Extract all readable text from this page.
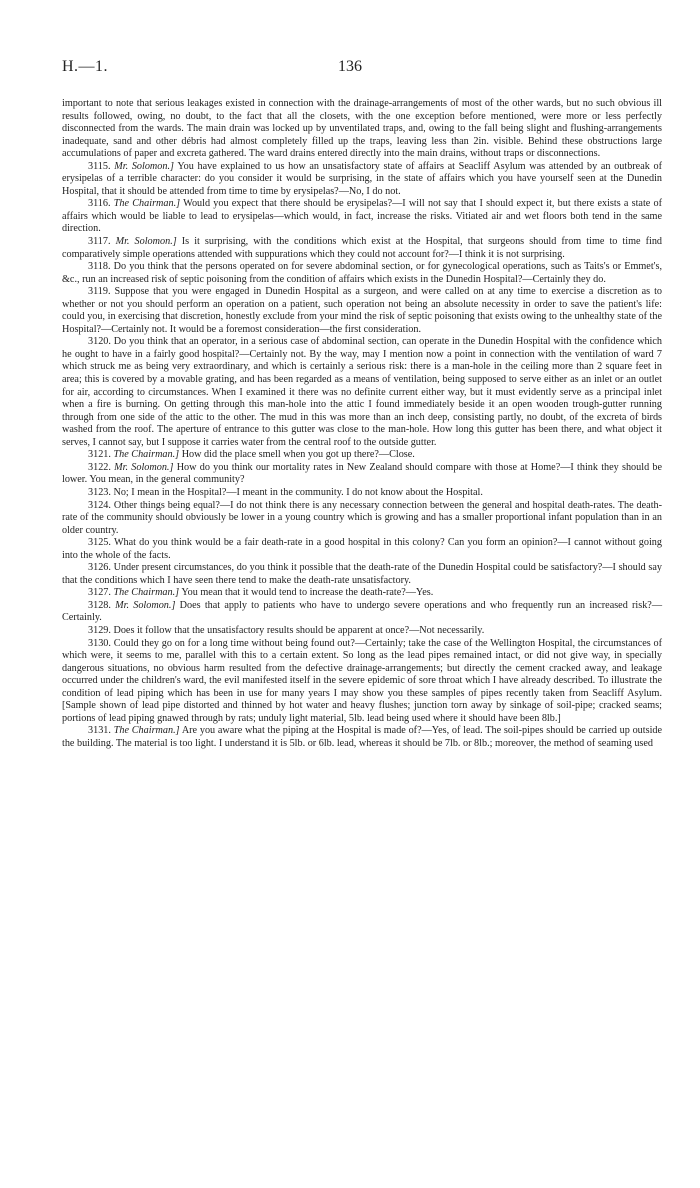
H.—1.	136

important to note that serious leakages existed in connection with the drainage-arrangements of most of the other wards, but no such obvious ill results followed, owing, no doubt, to the fact that all the closets, with the one exception before mentioned, were more or less perfectly disconnected from the wards. The main drain was locked up by unventilated traps, and, owing to the fall being slight and flushing-arrangements inadequate, sand and other débris had almost completely filled up the traps, leaving less than 2in. visible. Behind these obstructions large accumulations of paper and excreta gathered. The ward drains entered directly into the main drains, without traps or disconnections.

3115. Mr. Solomon.] You have explained to us how an unsatisfactory state of affairs at Seacliff Asylum was attended by an outbreak of erysipelas of a terrible character: do you consider it would be surprising, in the state of affairs which you have yourself seen at the Dunedin Hospital, that it should be attended from time to time by erysipelas?—No, I do not.

3116. The Chairman.] Would you expect that there should be erysipelas?—I will not say that I should expect it, but there exists a state of affairs which would be liable to lead to erysipelas—which would, in fact, increase the risks. Vitiated air and wet floors both tend in the same direction.

3117. Mr. Solomon.] Is it surprising, with the conditions which exist at the Hospital, that surgeons should from time to time find comparatively simple operations attended with suppurations which they could not account for?—I think it is not surprising.

3118. Do you think that the persons operated on for severe abdominal section, or for gynecological operations, such as Taits's or Emmet's, &c., run an increased risk of septic poisoning from the condition of affairs which exists in the Dunedin Hospital?—Certainly they do.

3119. Suppose that you were engaged in Dunedin Hospital as a surgeon, and were called on at any time to exercise a discretion as to whether or not you should perform an operation on a patient, such operation not being an absolute necessity in order to save the patient's life: could you, in exercising that discretion, honestly exclude from your mind the risk of septic poisoning that exists owing to the unhealthy state of the Hospital?—Certainly not. It would be a foremost consideration—the first consideration.

3120. Do you think that an operator, in a serious case of abdominal section, can operate in the Dunedin Hospital with the confidence which he ought to have in a fairly good hospital?—Certainly not. By the way, may I mention now a point in connection with the ventilation of ward 7 which struck me as being very extraordinary, and which is certainly a serious risk: there is a man-hole in the ceiling more than 2 square feet in area; this is covered by a movable grating, and has been regarded as a means of ventilation, being supposed to serve either as an inlet or an outlet for air, according to circumstances. When I examined it there was no definite current either way, but it must evidently serve as a principal inlet when a fire is burning. On getting through this man-hole into the attic I found immediately beside it an open wooden trough-gutter running through from one side of the attic to the other. The mud in this was more than an inch deep, consisting partly, no doubt, of the excreta of birds washed from the roof. The aperture of entrance to this gutter was close to the man-hole. How long this gutter has been there, and what object it serves, I cannot say, but I suppose it carries water from the central roof to the outside gutter.

3121. The Chairman.] How did the place smell when you got up there?—Close.

3122. Mr. Solomon.] How do you think our mortality rates in New Zealand should compare with those at Home?—I think they should be lower. You mean, in the general community?

3123. No; I mean in the Hospital?—I meant in the community. I do not know about the Hospital.

3124. Other things being equal?—I do not think there is any necessary connection between the general and hospital death-rates. The death-rate of the community should obviously be lower in a young country which is growing and has a smaller proportional infant population than in an older country.

3125. What do you think would be a fair death-rate in a good hospital in this colony? Can you form an opinion?—I cannot without going into the whole of the facts.

3126. Under present circumstances, do you think it possible that the death-rate of the Dunedin Hospital could be satisfactory?—I should say that the conditions which I have seen there tend to make the death-rate unsatisfactory.

3127. The Chairman.] You mean that it would tend to increase the death-rate?—Yes.

3128. Mr. Solomon.] Does that apply to patients who have to undergo severe operations and who frequently run an increased risk?—Certainly.

3129. Does it follow that the unsatisfactory results should be apparent at once?—Not necessarily.

3130. Could they go on for a long time without being found out?—Certainly; take the case of the Wellington Hospital, the circumstances of which were, it seems to me, parallel with this to a certain extent. So long as the lead pipes remained intact, or did not give way, in specially dangerous situations, no obvious harm resulted from the defective drainage-arrangements; but directly the cement cracked away, and leakage occurred under the children's ward, the evil manifested itself in the severe epidemic of sore throat which I have already described. To illustrate the condition of lead piping which has been in use for many years I may show you these samples of pipes recently taken from Seacliff Asylum. [Sample shown of lead pipe distorted and thinned by hot water and heavy flushes; junction torn away by sinkage of soil-pipe; cracked seams; portions of lead piping gnawed through by rats; unduly light material, 5lb. lead being used where it should have been 8lb.]

3131. The Chairman.] Are you aware what the piping at the Hospital is made of?—Yes, of lead. The soil-pipes should be carried up outside the building. The material is too light. I understand it is 5lb. or 6lb. lead, whereas it should be 7lb. or 8lb.; moreover, the method of seaming used
